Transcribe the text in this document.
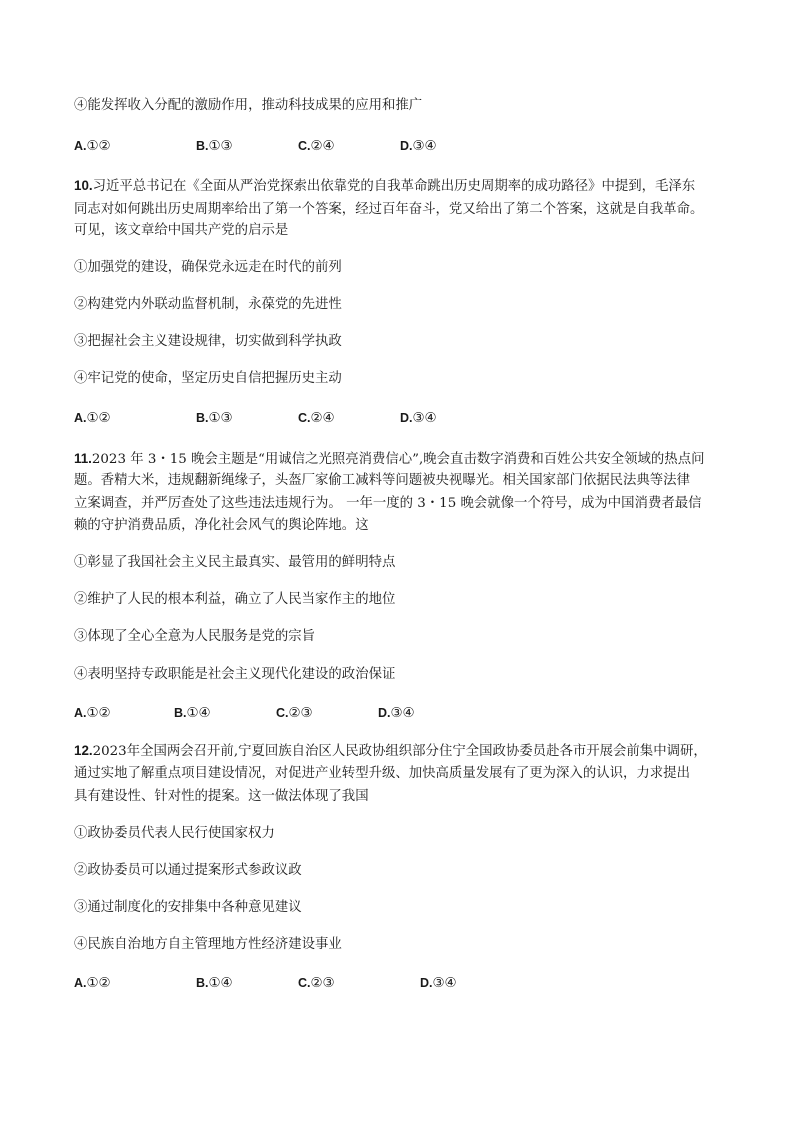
④能发挥收入分配的激励作用，推动科技成果的应用和推广
A.①②	B.①③	C.②④	D.③④
10.习近平总书记在《全面从严治党探索出依靠党的自我革命跳出历史周期率的成功路径》中提到，毛泽东
同志对如何跳出历史周期率给出了第一个答案，经过百年奋斗，党又给出了第二个答案，这就是自我革命。
可见，该文章给中国共产党的启示是
①加强党的建设，确保党永远走在时代的前列
②构建党内外联动监督机制，永葆党的先进性
③把握社会主义建设规律，切实做到科学执政
④牢记党的使命，坚定历史自信把握历史主动
A.①②	B.①③	C.②④	D.③④
11.2023 年 3・15 晚会主题是“用诚信之光照亮消费信心”,晚会直击数字消费和百姓公共安全领域的热点问
题。香精大米，违规翻新绳缘子，头盔厂家偷工减料等问题被央视曝光。相关国家部门依据民法典等法律
立案调查，并严厉查处了这些违法违规行为。 一年一度的 3・15 晚会就像一个符号，成为中国消费者最信
赖的守护消费品质，净化社会风气的舆论阵地。这
①彰显了我国社会主义民主最真实、最管用的鲜明特点
②维护了人民的根本利益，确立了人民当家作主的地位
③体现了全心全意为人民服务是党的宗旨
④表明坚持专政职能是社会主义现代化建设的政治保证
A.①②	B.①④	C.②③	D.③④
12.2023年全国两会召开前,宁夏回族自治区人民政协组织部分住宁全国政协委员赴各市开展会前集中调研，
通过实地了解重点项目建设情况，对促进产业转型升级、加快高质量发展有了更为深入的认识，力求提出
具有建设性、针对性的提案。这一做法体现了我国
①政协委员代表人民行使国家权力
②政协委员可以通过提案形式参政议政
③通过制度化的安排集中各种意见建议
④民族自治地方自主管理地方性经济建设事业
A.①②	B.①④	C.②③	D.③④
